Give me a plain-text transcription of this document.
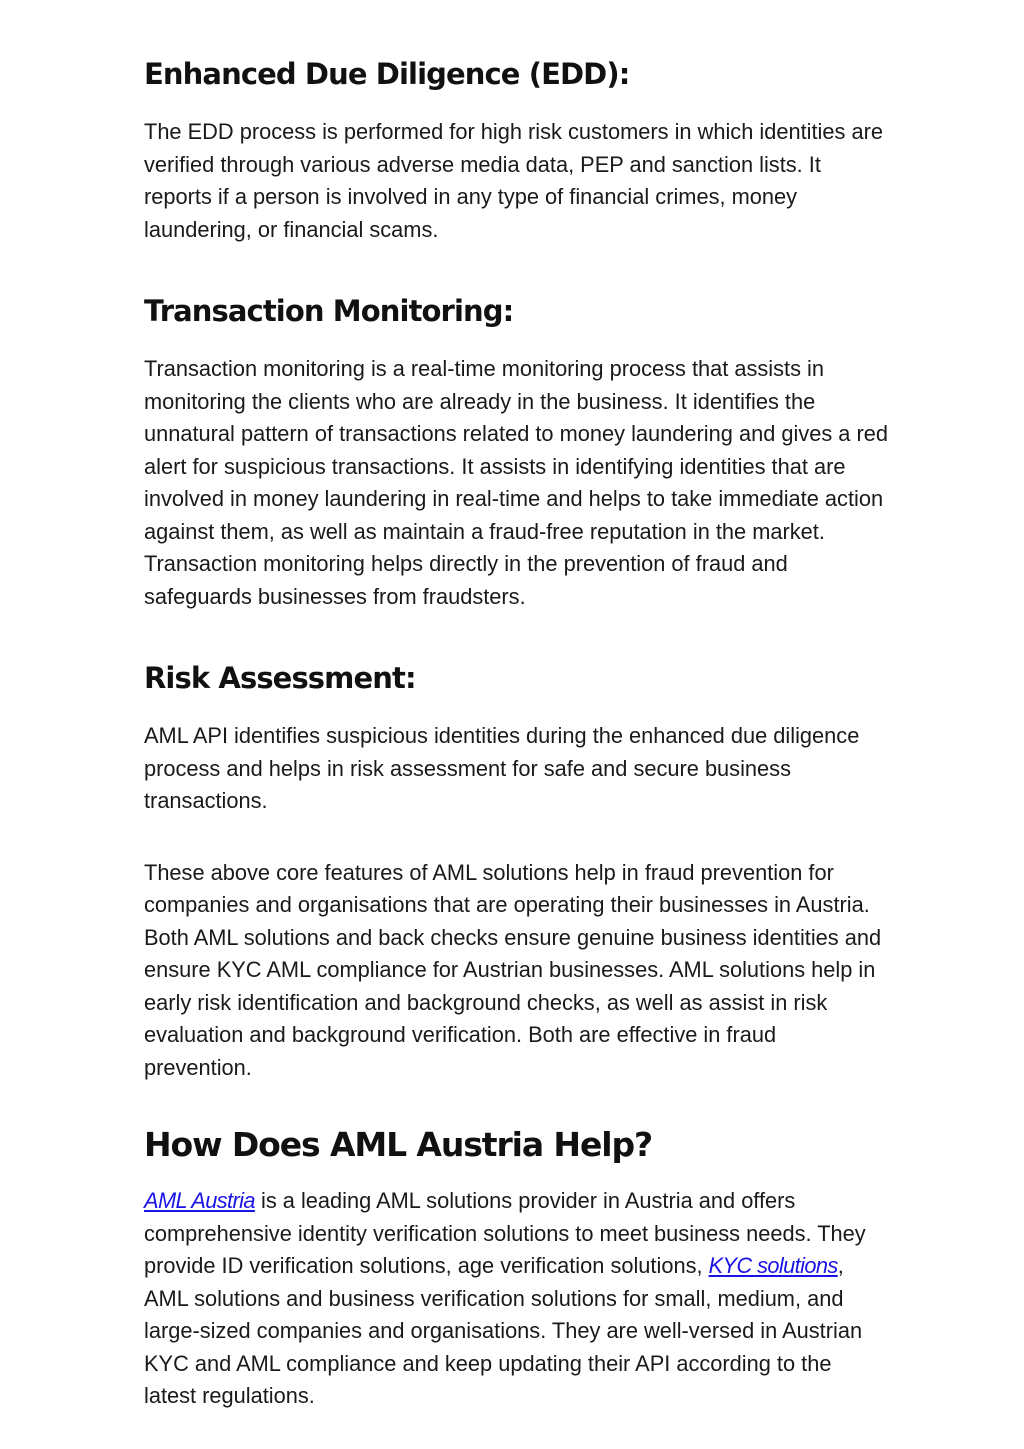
Enhanced Due Diligence (EDD):

The EDD process is performed for high risk customers in which identities are verified through various adverse media data, PEP and sanction lists. It reports if a person is involved in any type of financial crimes, money laundering, or financial scams.

Transaction Monitoring:

Transaction monitoring is a real-time monitoring process that assists in monitoring the clients who are already in the business. It identifies the unnatural pattern of transactions related to money laundering and gives a red alert for suspicious transactions. It assists in identifying identities that are involved in money laundering in real-time and helps to take immediate action against them, as well as maintain a fraud-free reputation in the market. Transaction monitoring helps directly in the prevention of fraud and safeguards businesses from fraudsters.

Risk Assessment:

AML API identifies suspicious identities during the enhanced due diligence process and helps in risk assessment for safe and secure business transactions.

These above core features of AML solutions help in fraud prevention for companies and organisations that are operating their businesses in Austria. Both AML solutions and back checks ensure genuine business identities and ensure KYC AML compliance for Austrian businesses. AML solutions help in early risk identification and background checks, as well as assist in risk evaluation and background verification. Both are effective in fraud prevention.

How Does AML Austria Help?

AML Austria is a leading AML solutions provider in Austria and offers comprehensive identity verification solutions to meet business needs. They provide ID verification solutions, age verification solutions, KYC solutions, AML solutions and business verification solutions for small, medium, and large-sized companies and organisations. They are well-versed in Austrian KYC and AML compliance and keep updating their API according to the latest regulations.
